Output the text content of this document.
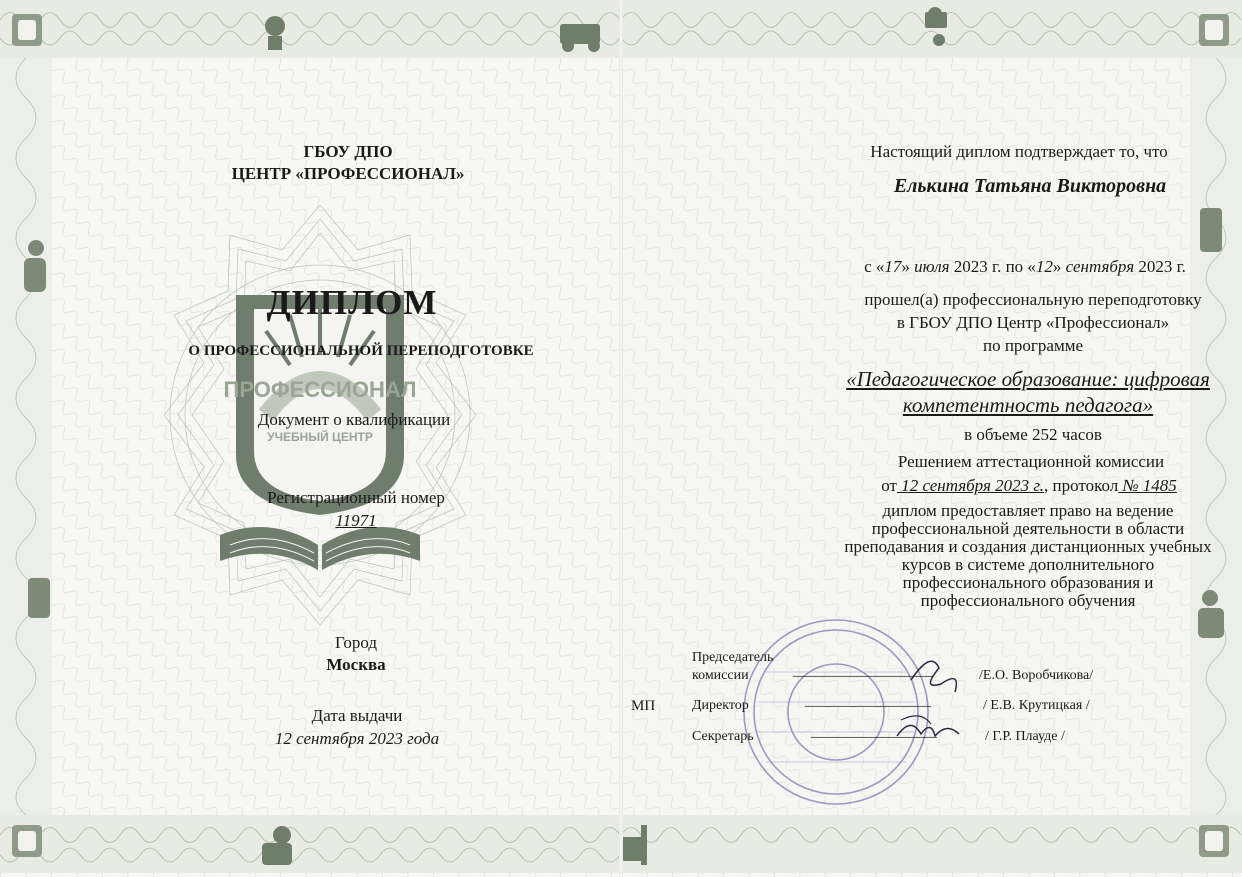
ПРОФЕССИОНАЛ
УЧЕБНЫЙ ЦЕНТР
ГБОУ ДПО
ЦЕНТР «ПРОФЕССИОНАЛ»
ДИПЛОМ
О ПРОФЕССИОНАЛЬНОЙ ПЕРЕПОДГОТОВКЕ
Документ о квалификации
Регистрационный номер
11971
Город
Москва
Дата выдачи
12 сентября 2023 года
Настоящий диплом подтверждает то, что
Елькина Татьяна Викторовна
с «17» июля 2023 г. по «12» сентября 2023 г.
прошел(а) профессиональную переподготовку
в ГБОУ ДПО Центр «Профессионал»
по программе
«Педагогическое образование: цифровая
компетентность педагога»
в объеме 252 часов
Решением аттестационной комиссии
от 12 сентября 2023 г., протокол № 1485
диплом предоставляет право на ведение
профессиональной деятельности в области
преподавания и создания дистанционных учебных
курсов в системе дополнительного
профессионального образования и
профессионального обучения
МП
Председатель
комиссии	____________________	/Е.О. Воробчикова/
Директор	__________________	/ Е.В. Крутицкая /
Секретарь	__________________	/ Г.Р. Плауде /
